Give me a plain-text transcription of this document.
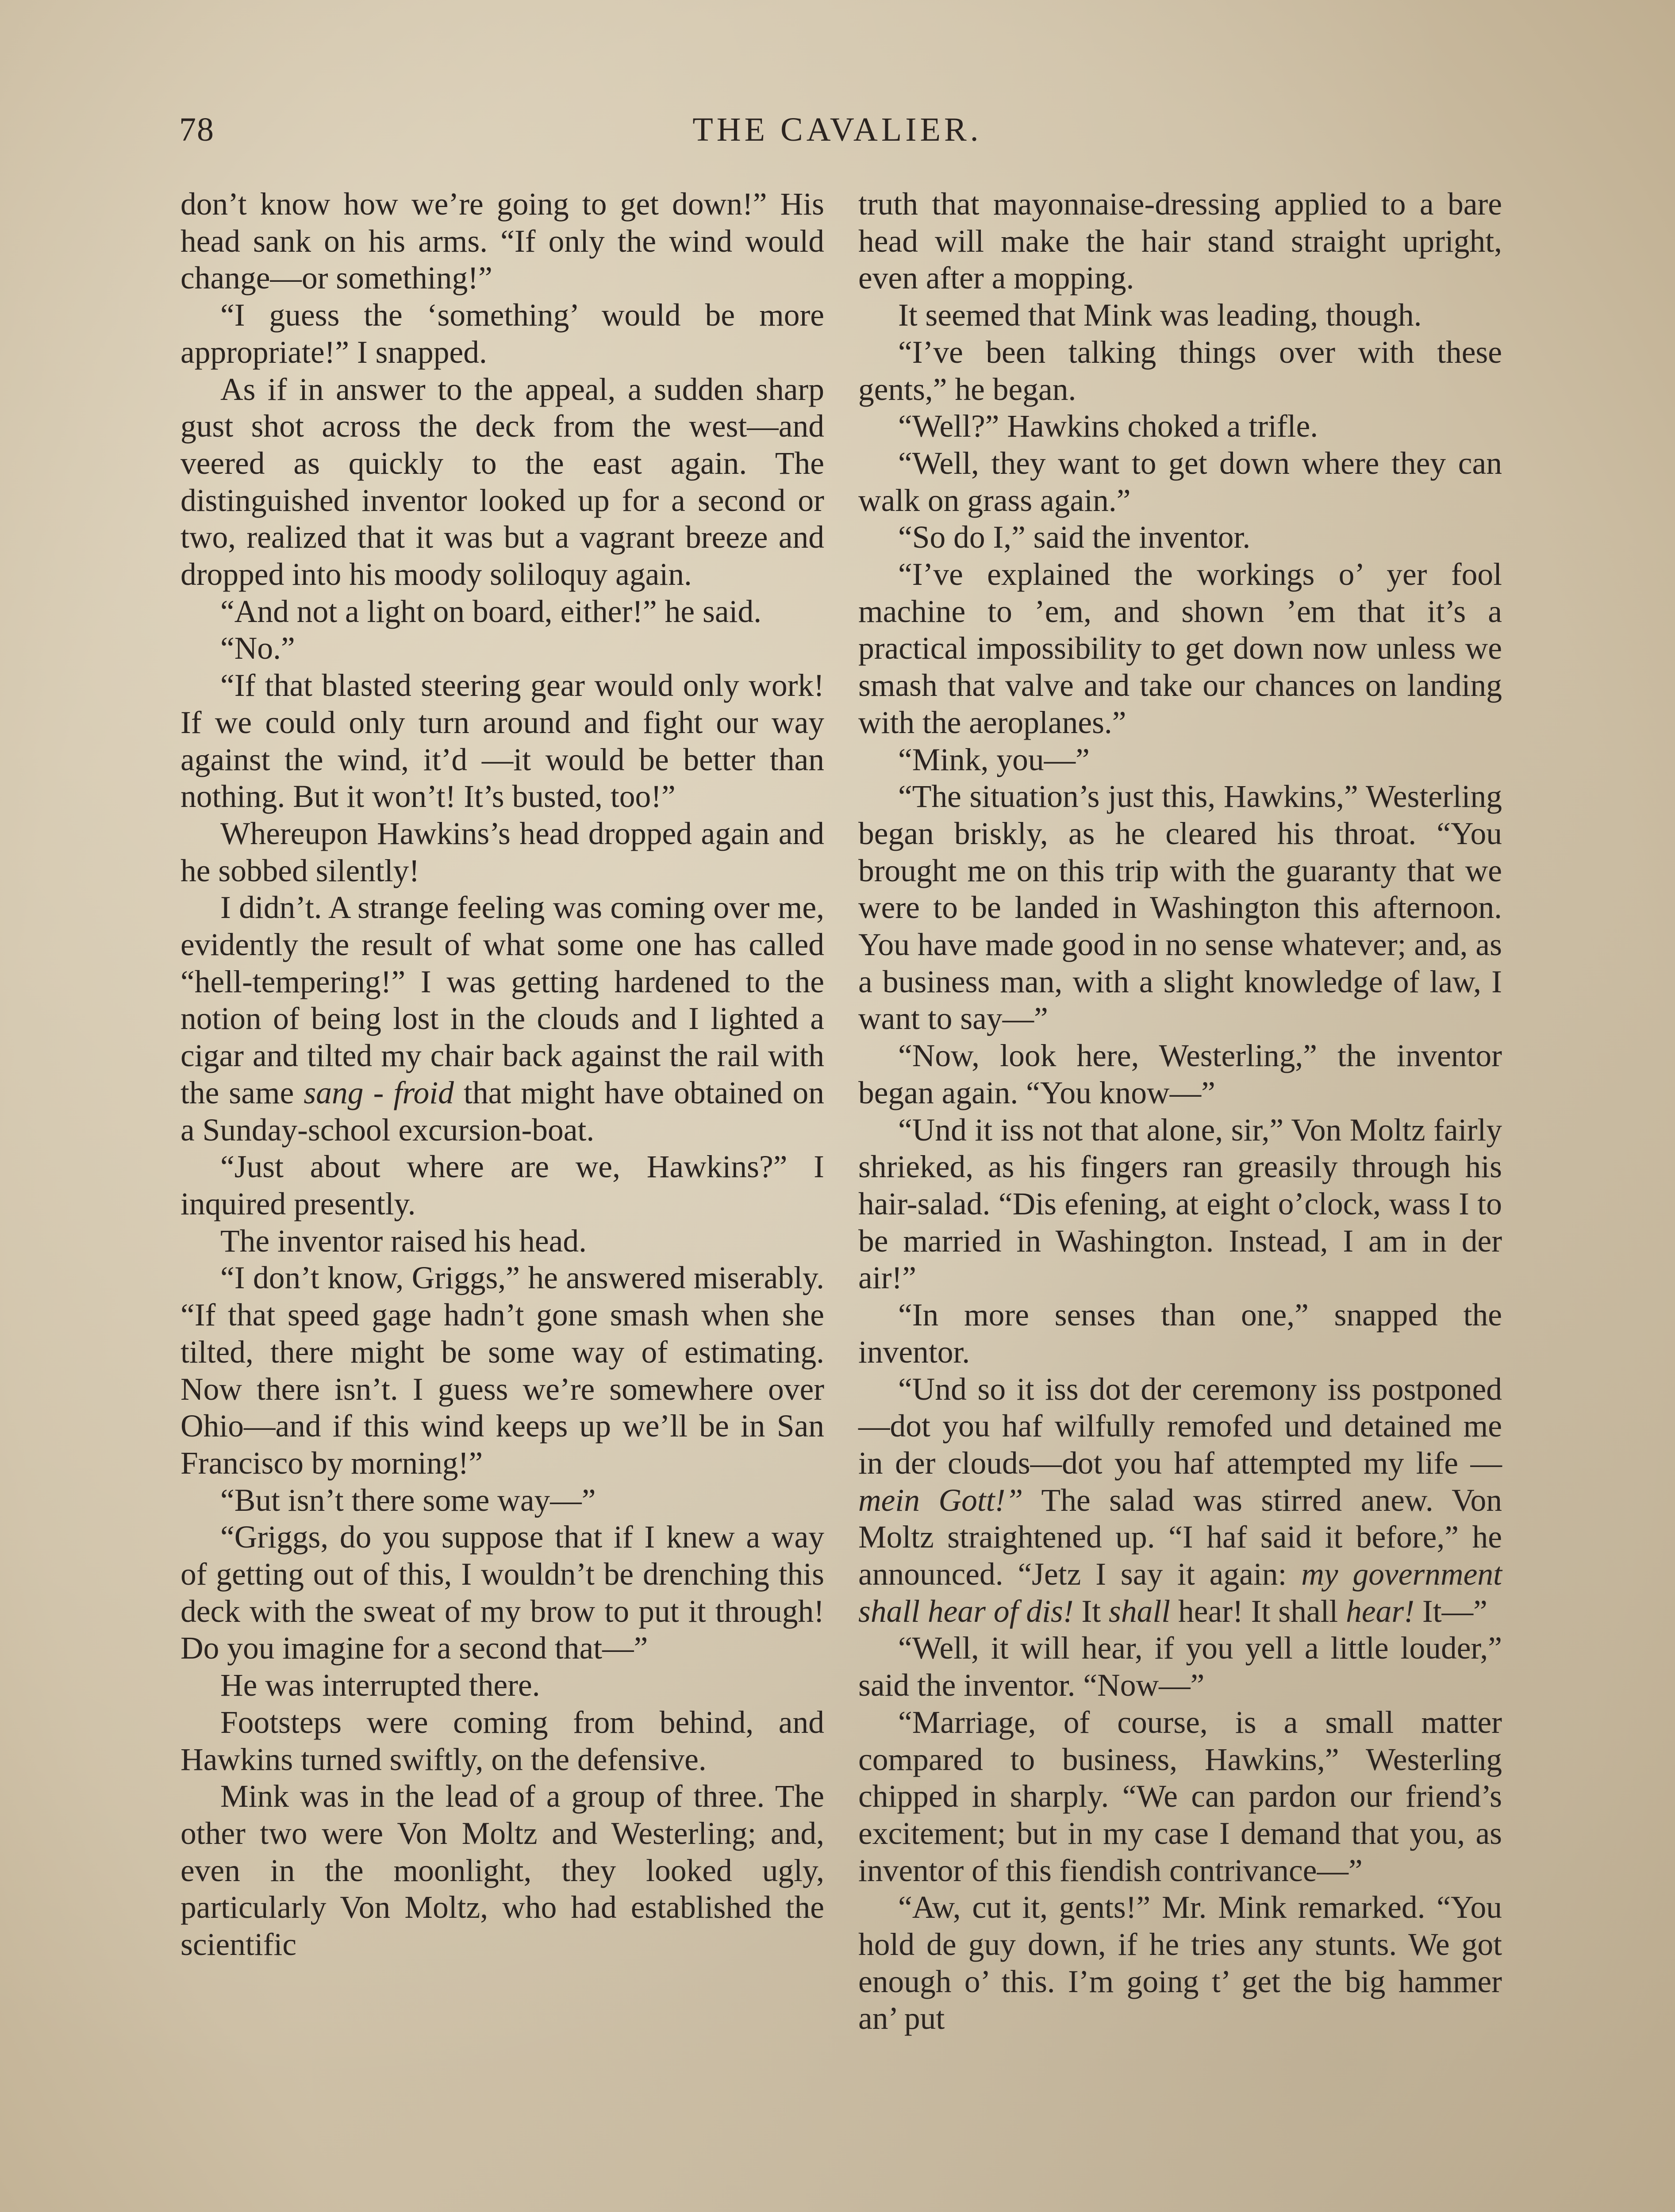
78	THE CAVALIER.

don’t know how we’re going to get down!” His head sank on his arms. “If only the wind would change—or something!”

“I guess the ‘something’ would be more appropriate!” I snapped.

As if in answer to the appeal, a sudden sharp gust shot across the deck from the west—and veered as quickly to the east again. The distinguished inventor looked up for a second or two, realized that it was but a vagrant breeze and dropped into his moody soliloquy again.

“And not a light on board, either!” he said.

“No.”

“If that blasted steering gear would only work! If we could only turn around and fight our way against the wind, it’d —it would be better than nothing. But it won’t! It’s busted, too!”

Whereupon Hawkins’s head dropped again and he sobbed silently!

I didn’t. A strange feeling was coming over me, evidently the result of what some one has called “hell-tempering!” I was getting hardened to the notion of being lost in the clouds and I lighted a cigar and tilted my chair back against the rail with the same sang - froid that might have obtained on a Sunday-school excursion-boat.

“Just about where are we, Hawkins?” I inquired presently.

The inventor raised his head.

“I don’t know, Griggs,” he answered miserably. “If that speed gage hadn’t gone smash when she tilted, there might be some way of estimating. Now there isn’t. I guess we’re somewhere over Ohio—and if this wind keeps up we’ll be in San Francisco by morning!”

“But isn’t there some way—”

“Griggs, do you suppose that if I knew a way of getting out of this, I wouldn’t be drenching this deck with the sweat of my brow to put it through! Do you imagine for a second that—”

He was interrupted there.

Footsteps were coming from behind, and Hawkins turned swiftly, on the defensive.

Mink was in the lead of a group of three. The other two were Von Moltz and Westerling; and, even in the moonlight, they looked ugly, particularly Von Moltz, who had established the scientific

truth that mayonnaise-dressing applied to a bare head will make the hair stand straight upright, even after a mopping.

It seemed that Mink was leading, though.

“I’ve been talking things over with these gents,” he began.

“Well?” Hawkins choked a trifle.

“Well, they want to get down where they can walk on grass again.”

“So do I,” said the inventor.

“I’ve explained the workings o’ yer fool machine to ’em, and shown ’em that it’s a practical impossibility to get down now unless we smash that valve and take our chances on landing with the aeroplanes.”

“Mink, you—”

“The situation’s just this, Hawkins,” Westerling began briskly, as he cleared his throat. “You brought me on this trip with the guaranty that we were to be landed in Washington this afternoon. You have made good in no sense whatever; and, as a business man, with a slight knowledge of law, I want to say—”

“Now, look here, Westerling,” the inventor began again. “You know—”

“Und it iss not that alone, sir,” Von Moltz fairly shrieked, as his fingers ran greasily through his hair-salad. “Dis efening, at eight o’clock, wass I to be married in Washington. Instead, I am in der air!”

“In more senses than one,” snapped the inventor.

“Und so it iss dot der ceremony iss postponed—dot you haf wilfully remofed und detained me in der clouds—dot you haf attempted my life — mein Gott!” The salad was stirred anew. Von Moltz straightened up. “I haf said it before,” he announced. “Jetz I say it again: my government shall hear of dis! It shall hear! It shall hear! It—”

“Well, it will hear, if you yell a little louder,” said the inventor. “Now—”

“Marriage, of course, is a small matter compared to business, Hawkins,” Westerling chipped in sharply. “We can pardon our friend’s excitement; but in my case I demand that you, as inventor of this fiendish contrivance—”

“Aw, cut it, gents!” Mr. Mink remarked. “You hold de guy down, if he tries any stunts. We got enough o’ this. I’m going t’ get the big hammer an’ put
